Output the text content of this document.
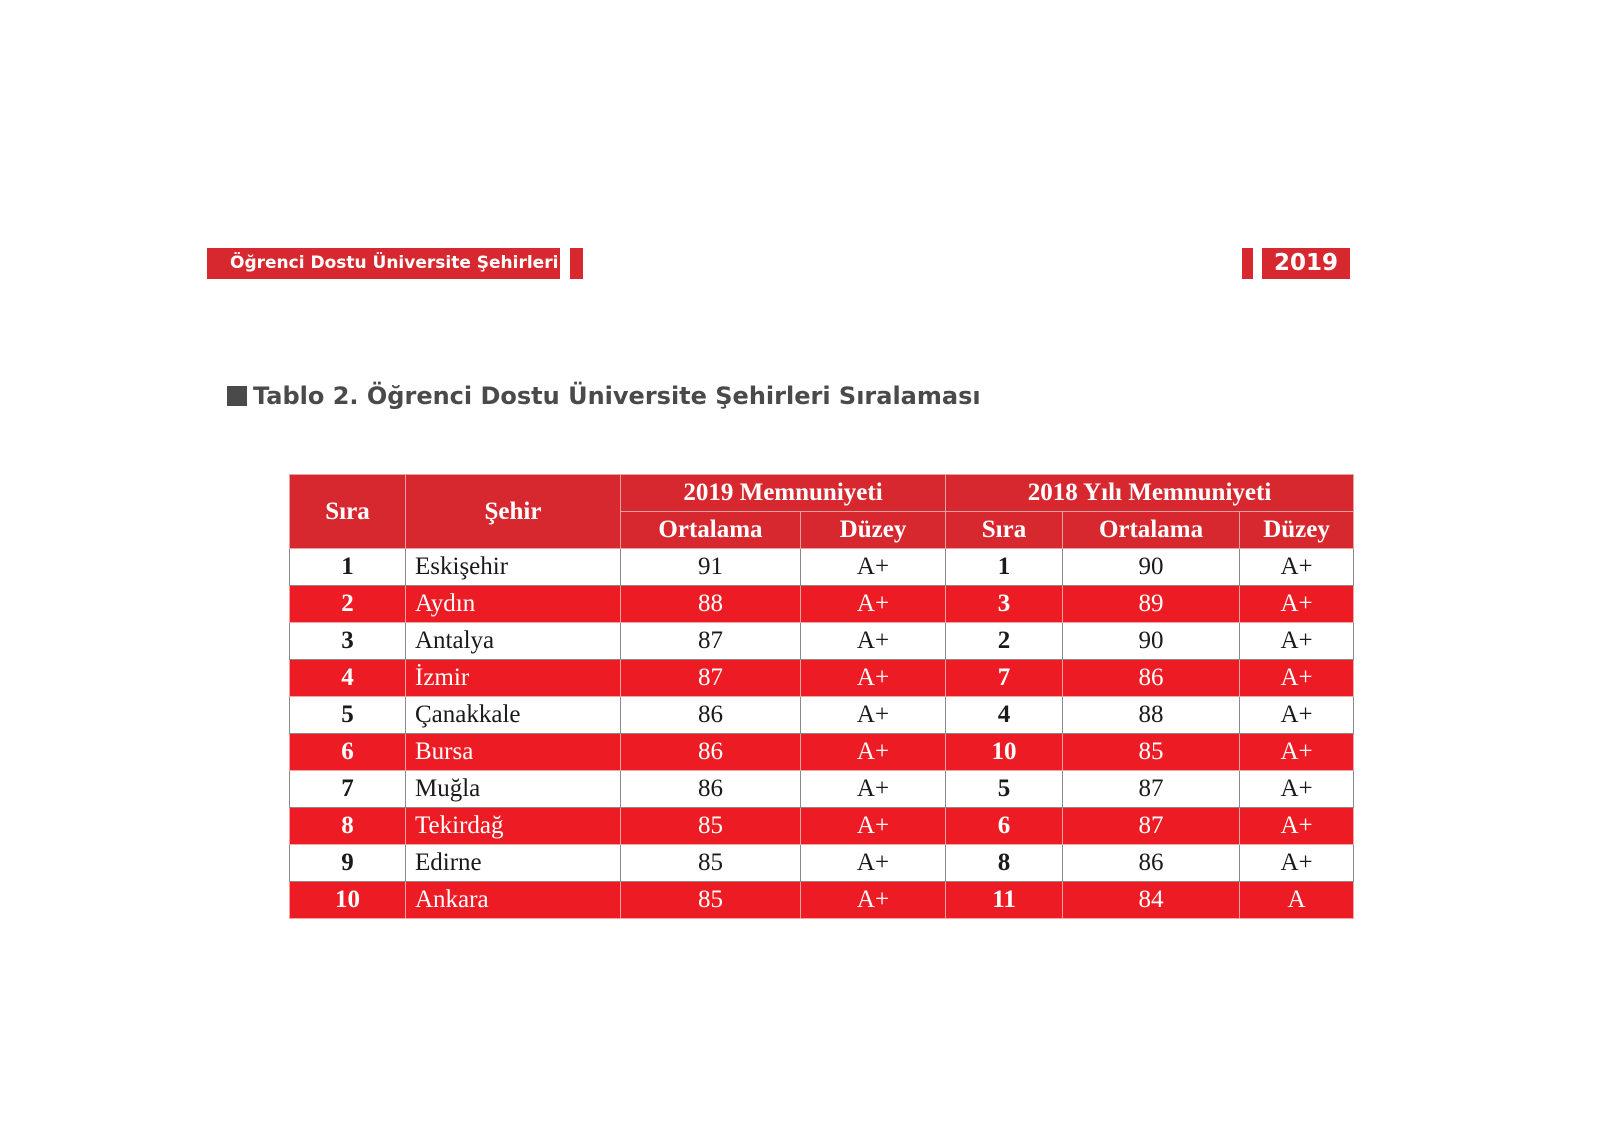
Öğrenci Dostu Üniversite Şehirleri	2019
Tablo 2. Öğrenci Dostu Üniversite Şehirleri Sıralaması
Sıra	Şehir	2019 Memnuniyeti		2018 Yılı Memnuniyeti		
		Ortalama	Düzey	Sıra	Ortalama	Düzey
1	Eskişehir	91	A+	1	90	A+
2	Aydın	88	A+	3	89	A+
3	Antalya	87	A+	2	90	A+
4	İzmir	87	A+	7	86	A+
5	Çanakkale	86	A+	4	88	A+
6	Bursa	86	A+	10	85	A+
7	Muğla	86	A+	5	87	A+
8	Tekirdağ	85	A+	6	87	A+
9	Edirne	85	A+	8	86	A+
10	Ankara	85	A+	11	84	A
